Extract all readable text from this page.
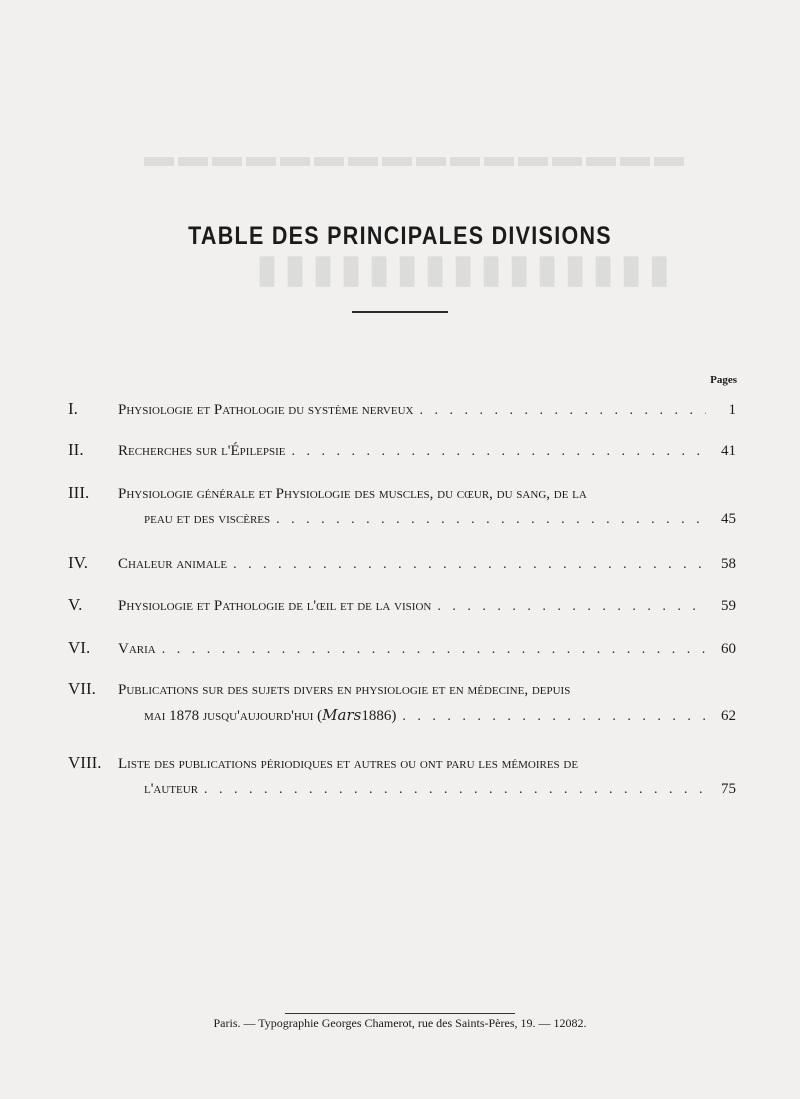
▬▬▬▬▬▬▬▬▬▬▬▬▬▬▬▬
▮▮▮▮▮▮▮▮▮▮▮▮▮▮▮
TABLE DES PRINCIPALES DIVISIONS
Pages
I.	Physiologie et Pathologie du système nerveux . . .	1
II.	Recherches sur l'Épilepsie . . .	41
III.	Physiologie générale et Physiologie des muscles, du cœur, du sang, de la
peau et des viscères . . .	45
IV.	Chaleur animale . . .	58
V.	Physiologie et Pathologie de l'œil et de la vision . . .	59
VI.	Varia . . .	60
VII.	Publications sur des sujets divers en physiologie et en médecine, depuis
mai 1878 jusqu'aujourd'hui ( Mars 1886) . . .	62
VIII.	Liste des publications périodiques et autres ou ont paru les mémoires de
l'auteur . . .	75
Paris. — Typographie Georges Chamerot, rue des Saints-Pères, 19. — 12082.
